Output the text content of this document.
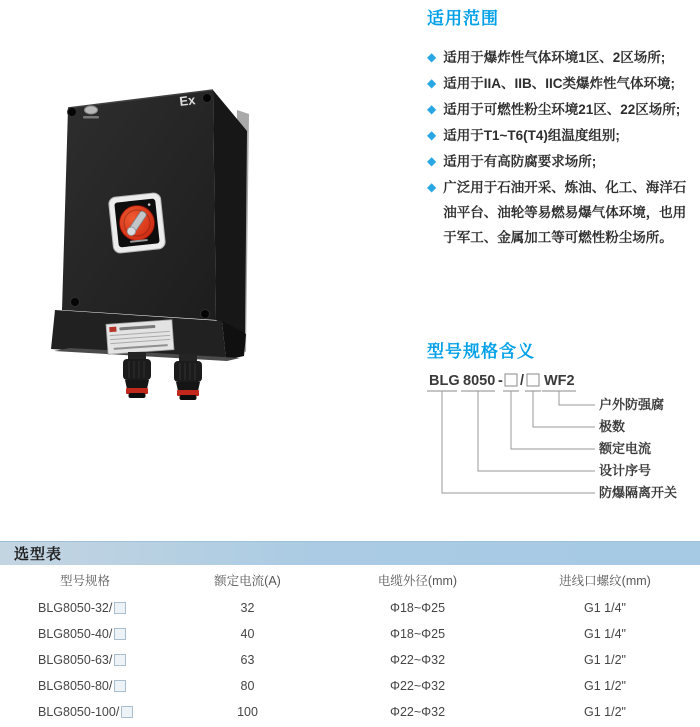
Ex
适用范围
◆ 适用于爆炸性气体环境1区、2区场所;
◆ 适用于IIA、IIB、IIC类爆炸性气体环境;
◆ 适用于可燃性粉尘环境21区、22区场所;
◆ 适用于T1~T6(T4)组温度组别;
◆ 适用于有高防腐要求场所;
◆ 广泛用于石油开采、炼油、化工、海洋石油平台、油轮等易燃易爆气体环境，也用于军工、金属加工等可燃性粉尘场所。
型号规格含义
BLG 8050 - / WF2
户外防强腐
极数
额定电流
设计序号
防爆隔离开关
选型表
型号规格	额定电流(A)	电缆外径(mm)	进线口螺纹(mm)
BLG8050-32/	32	Φ18~Φ25	G1 1/4"
BLG8050-40/	40	Φ18~Φ25	G1 1/4"
BLG8050-63/	63	Φ22~Φ32	G1 1/2"
BLG8050-80/	80	Φ22~Φ32	G1 1/2"
BLG8050-100/	100	Φ22~Φ32	G1 1/2"
